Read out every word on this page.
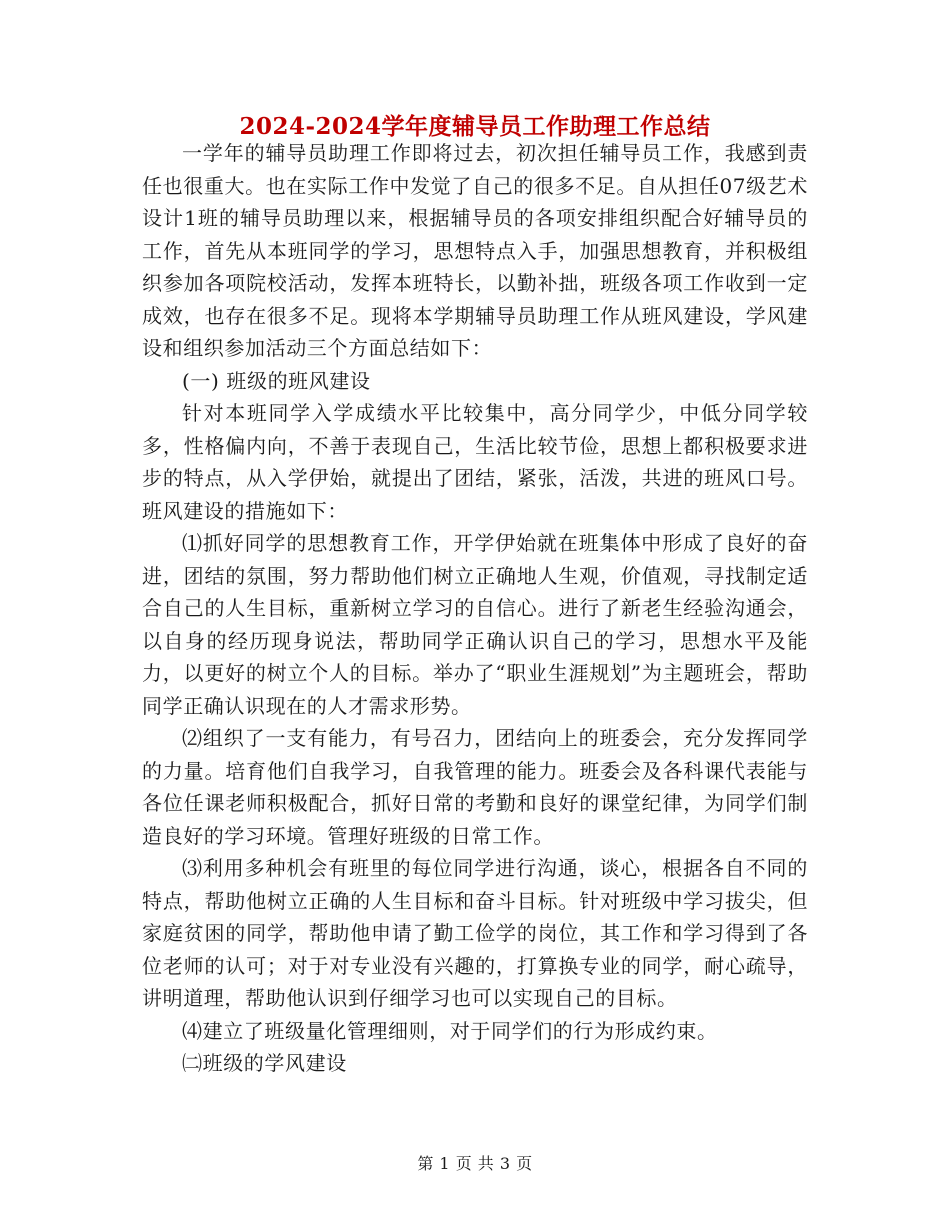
2024-2024学年度辅导员工作助理工作总结

一学年的辅导员助理工作即将过去，初次担任辅导员工作，我感到责任也很重大。也在实际工作中发觉了自己的很多不足。自从担任07级艺术设计1班的辅导员助理以来，根据辅导员的各项安排组织配合好辅导员的工作，首先从本班同学的学习，思想特点入手，加强思想教育，并积极组织参加各项院校活动，发挥本班特长，以勤补拙，班级各项工作收到一定成效，也存在很多不足。现将本学期辅导员助理工作从班风建设，学风建设和组织参加活动三个方面总结如下：

(一) 班级的班风建设

针对本班同学入学成绩水平比较集中，高分同学少，中低分同学较多，性格偏内向，不善于表现自己，生活比较节俭，思想上都积极要求进步的特点，从入学伊始，就提出了团结，紧张，活泼，共进的班风口号。班风建设的措施如下：

⑴抓好同学的思想教育工作，开学伊始就在班集体中形成了良好的奋进，团结的氛围，努力帮助他们树立正确地人生观，价值观，寻找制定适合自己的人生目标，重新树立学习的自信心。进行了新老生经验沟通会，以自身的经历现身说法，帮助同学正确认识自己的学习，思想水平及能力，以更好的树立个人的目标。举办了“职业生涯规划”为主题班会，帮助同学正确认识现在的人才需求形势。

⑵组织了一支有能力，有号召力，团结向上的班委会，充分发挥同学的力量。培育他们自我学习，自我管理的能力。班委会及各科课代表能与各位任课老师积极配合，抓好日常的考勤和良好的课堂纪律，为同学们制造良好的学习环境。管理好班级的日常工作。

⑶利用多种机会有班里的每位同学进行沟通，谈心，根据各自不同的特点，帮助他树立正确的人生目标和奋斗目标。针对班级中学习拔尖，但家庭贫困的同学，帮助他申请了勤工俭学的岗位，其工作和学习得到了各位老师的认可；对于对专业没有兴趣的，打算换专业的同学，耐心疏导，讲明道理，帮助他认识到仔细学习也可以实现自己的目标。

⑷建立了班级量化管理细则，对于同学们的行为形成约束。

㈡班级的学风建设

第 1 页 共 3 页
